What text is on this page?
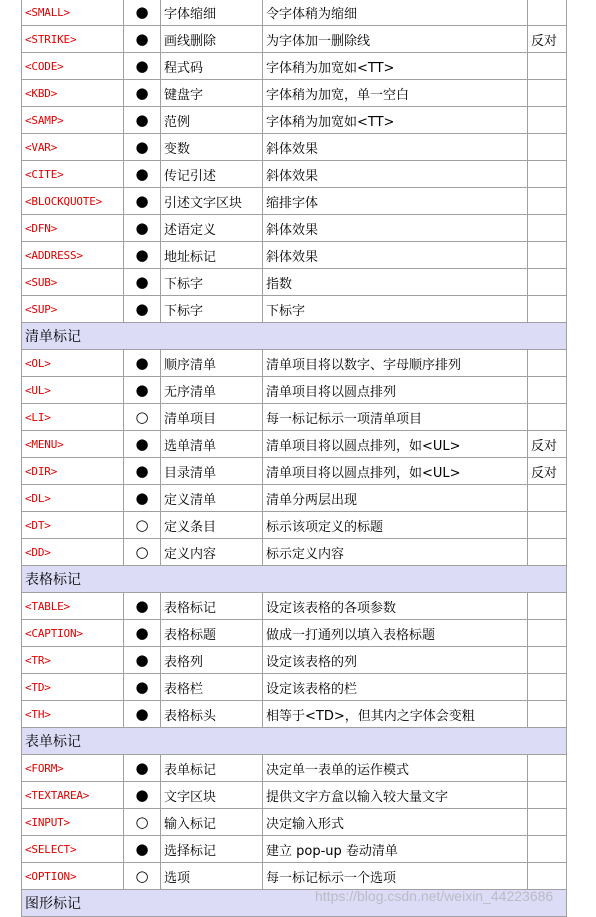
<SMALL>	●	字体缩细	令字体稍为缩细	
<STRIKE>	●	画线删除	为字体加一删除线	反对
<CODE>	●	程式码	字体稍为加宽如<TT>	
<KBD>	●	键盘字	字体稍为加宽，单一空白	
<SAMP>	●	范例	字体稍为加宽如<TT>	
<VAR>	●	变数	斜体效果	
<CITE>	●	传记引述	斜体效果	
<BLOCKQUOTE>	●	引述文字区块	缩排字体	
<DFN>	●	述语定义	斜体效果	
<ADDRESS>	●	地址标记	斜体效果	
<SUB>	●	下标字	指数	
<SUP>	●	下标字	下标字	
清单标记				
<OL>	●	顺序清单	清单项目将以数字、字母顺序排列	
<UL>	●	无序清单	清单项目将以圆点排列	
<LI>	○	清单项目	每一标记标示一项清单项目	
<MENU>	●	选单清单	清单项目将以圆点排列，如<UL>	反对
<DIR>	●	目录清单	清单项目将以圆点排列，如<UL>	反对
<DL>	●	定义清单	清单分两层出现	
<DT>	○	定义条目	标示该项定义的标题	
<DD>	○	定义内容	标示定义内容	
表格标记				
<TABLE>	●	表格标记	设定该表格的各项参数	
<CAPTION>	●	表格标题	做成一打通列以填入表格标题	
<TR>	●	表格列	设定该表格的列	
<TD>	●	表格栏	设定该表格的栏	
<TH>	●	表格标头	相等于<TD>，但其内之字体会变粗	
表单标记				
<FORM>	●	表单标记	决定单一表单的运作模式	
<TEXTAREA>	●	文字区块	提供文字方盒以输入较大量文字	
<INPUT>	○	输入标记	决定输入形式	
<SELECT>	●	选择标记	建立 pop-up 卷动清单	
<OPTION>	○	选项	每一标记标示一个选项	
图形标记					https://blog.csdn.net/weixin_44223686
